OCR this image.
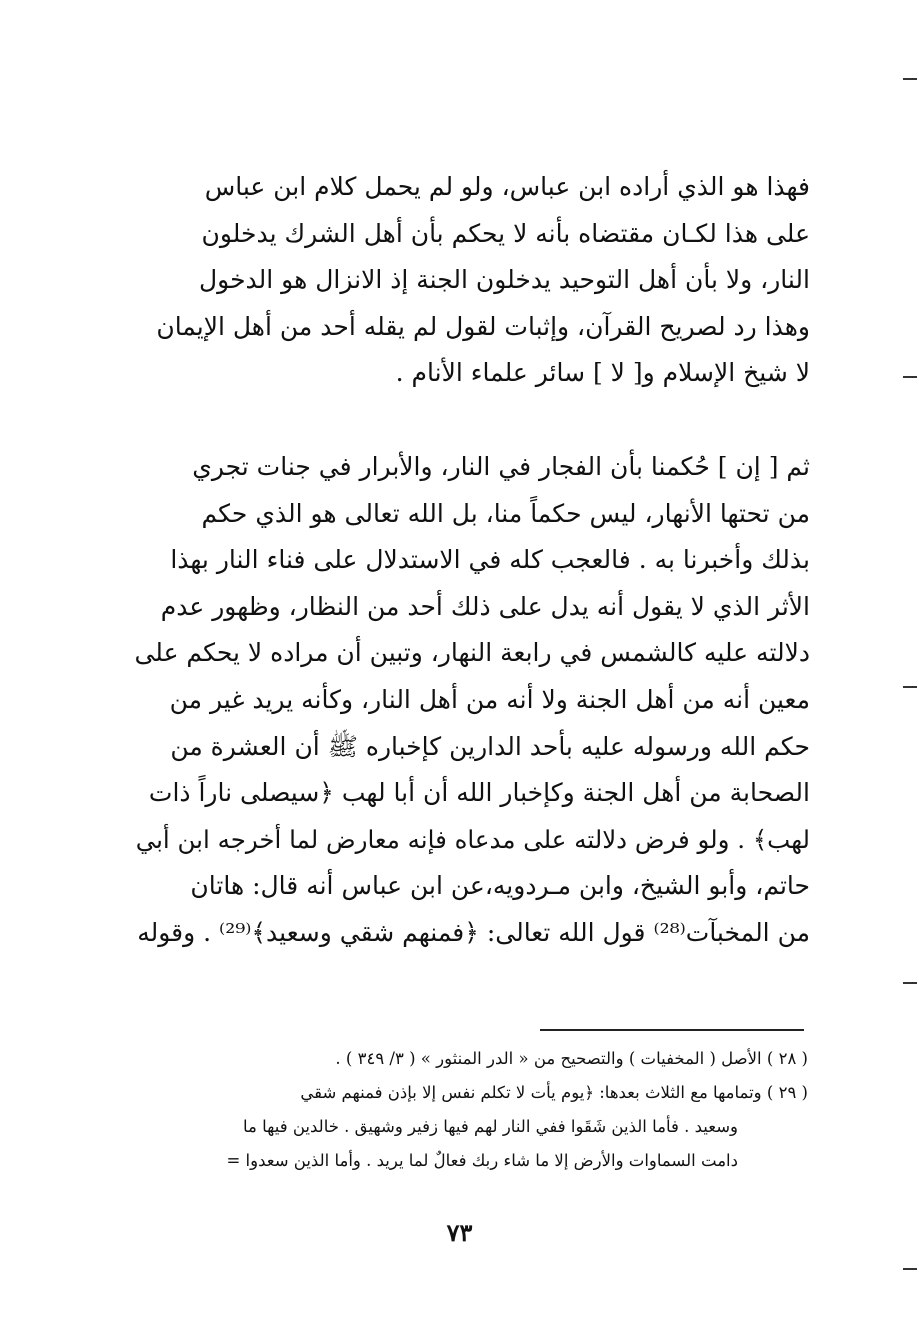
فهذا هو الذي أراده ابن عباس، ولو لم يحمل كلام ابن عباس
على هذا لكـان مقتضاه بأنه لا يحكم بأن أهل الشرك يدخلون
النار، ولا بأن أهل التوحيد يدخلون الجنة إذ الانزال هو الدخول
وهذا رد لصريح القرآن، وإثبات لقول لم يقله أحد من أهل الإيمان
لا شيخ الإسلام و[ لا ] سائر علماء الأنام .
ثم [ إن ] حُكمنا بأن الفجار في النار، والأبرار في جنات تجري
من تحتها الأنهار، ليس حكماً منا، بل الله تعالى هو الذي حكم
بذلك وأخبرنا به . فالعجب كله في الاستدلال على فناء النار بهذا
الأثر الذي لا يقول أنه يدل على ذلك أحد من النظار، وظهور عدم
دلالته عليه كالشمس في رابعة النهار، وتبين أن مراده لا يحكم على
معين أنه من أهل الجنة ولا أنه من أهل النار، وكأنه يريد غير من
حكم الله ورسوله عليه بأحد الدارين كإخباره ﷺ أن العشرة من
الصحابة من أهل الجنة وكإخبار الله أن أبا لهب ﴿سيصلى ناراً ذات
لهب﴾ . ولو فرض دلالته على مدعاه فإنه معارض لما أخرجه ابن أبي
حاتم، وأبو الشيخ، وابن مـردويه،عن ابن عباس أنه قال: هاتان
من المخبآت⁽²⁸⁾ قول الله تعالى: ﴿فمنهم شقي وسعيد﴾⁽²⁹⁾ . وقوله
( ٢٨ ) الأصل ( المخفيات ) والتصحيح من « الدر المنثور » ( ٣/ ٣٤٩ ) .
( ٢٩ ) وتمامها مع الثلاث بعدها: ﴿يوم يأت لا تكلم نفس إلا بإذن فمنهم شقي
وسعيد . فأما الذين شَقَوا ففي النار لهم فيها زفير وشهيق . خالدين فيها ما
دامت السماوات والأرض إلا ما شاء ربك فعالٌ لما يريد . وأما الذين سعدوا =
٧٣
